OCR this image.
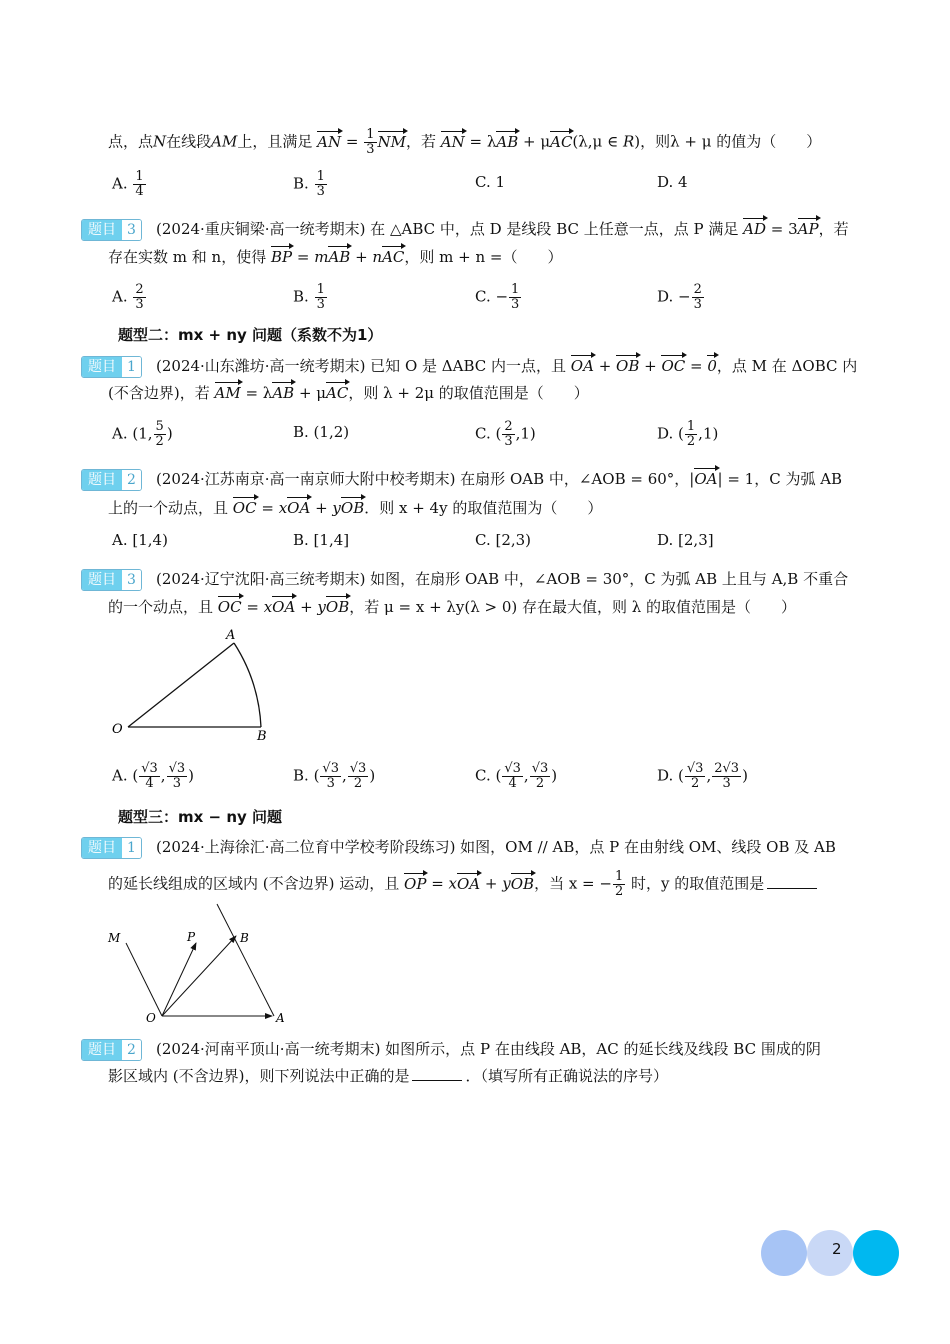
点，点N在线段AM上，且满足 AN = $\frac{1}{3}$ NM，若 AN = λAB + μAC(λ,μ ∈ R)，则λ + μ 的值为（　　）
A. $\frac{1}{4}$	B. $\frac{1}{3}$	C. 1	D. 4
题目 3	(2024·重庆铜梁·高一统考期末) 在 △ABC 中，点 D 是线段 BC 上任意一点，点 P 满足 AD = 3AP，若
存在实数 m 和 n，使得 BP = mAB + nAC，则 m + n =（　　）
A. $\frac{2}{3}$	B. $\frac{1}{3}$	C. − $\frac{1}{3}$	D. − $\frac{2}{3}$
题型二：mx + ny 问题（系数不为1）
题目 1	(2024·山东潍坊·高一统考期末) 已知 O 是 ΔABC 内一点，且 OA + OB + OC = 0，点 M 在 ΔOBC 内
(不含边界)，若 AM = λAB + μAC，则 λ + 2μ 的取值范围是（　　）
A. (1, $\frac{5}{2}$ )	B. (1,2)	C. ( $\frac{2}{3} ,1$)	D. ( $\frac{1}{2} ,1$)
题目 2	(2024·江苏南京·高一南京师大附中校考期末) 在扇形 OAB 中，∠AOB = 60°，|OA| = 1，C 为弧 AB
上的一个动点，且 OC = xOA + yOB．则 x + 4y 的取值范围为（　　）
A. [1,4)	B. [1,4]	C. [2,3)	D. [2,3]
题目 3	(2024·辽宁沈阳·高三统考期末) 如图，在扇形 OAB 中，∠AOB = 30°，C 为弧 AB 上且与 A,B 不重合
的一个动点，且 OC = xOA + yOB，若 μ = x + λy(λ > 0) 存在最大值，则 λ 的取值范围是（　　）
A
O	B
A. ( $\frac{√3}{4}$ , $\frac{√3}{3}$ )	B. ( $\frac{√3}{3}$ , $\frac{√3}{2}$ )	C. ( $\frac{√3}{4}$ , $\frac{√3}{2}$ )	D. ( $\frac{√3}{2}$ , $\frac{2√3}{3}$ )
题型三：mx − ny 问题
题目 1	(2024·上海徐汇·高二位育中学校考阶段练习) 如图，OM // AB，点 P 在由射线 OM、线段 OB 及 AB
的延长线组成的区域内 (不含边界) 运动，且 OP = xOA + yOB，当 x = − $\frac{1}{2}$ 时，y 的取值范围是
M	P	B
O	A
题目 2	(2024·河南平顶山·高一统考期末) 如图所示，点 P 在由线段 AB，AC 的延长线及线段 BC 围成的阴
影区域内 (不含边界)，则下列说法中正确的是	．（填写所有正确说法的序号）
2
